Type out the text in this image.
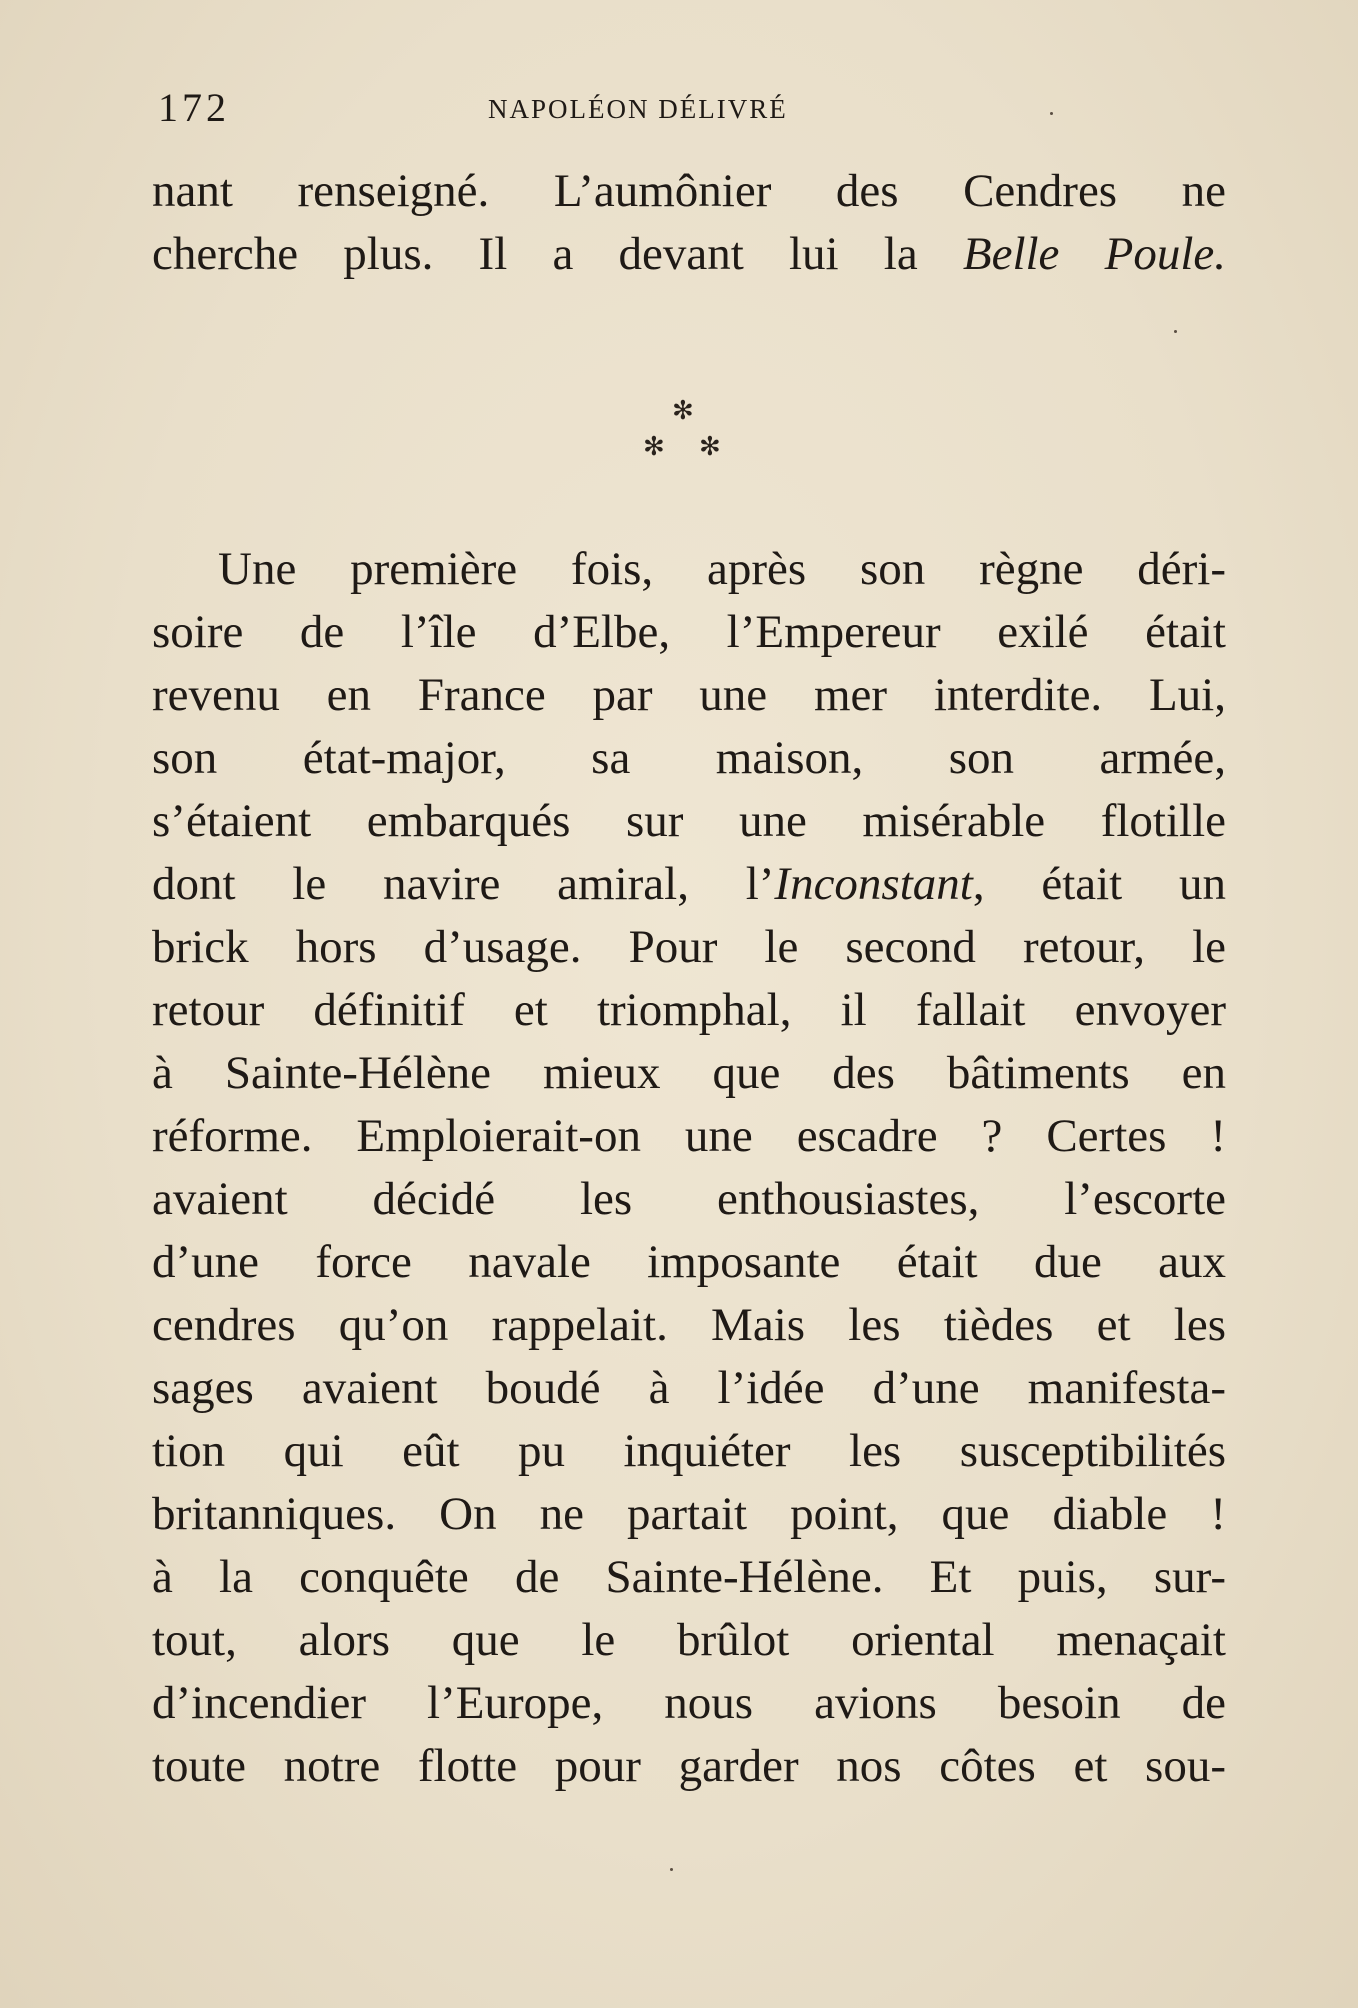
172	NAPOLÉON DÉLIVRÉ
nant renseigné. L’aumônier des Cendres ne
cherche plus. Il a devant lui la Belle Poule.
✻
✻ ✻
Une première fois, après son règne déri-
soire de l’île d’Elbe, l’Empereur exilé était
revenu en France par une mer interdite. Lui,
son état-major, sa maison, son armée,
s’étaient embarqués sur une misérable flotille
dont le navire amiral, l’Inconstant, était un
brick hors d’usage. Pour le second retour, le
retour définitif et triomphal, il fallait envoyer
à Sainte-Hélène mieux que des bâtiments en
réforme. Emploierait-on une escadre ? Certes !
avaient décidé les enthousiastes, l’escorte
d’une force navale imposante était due aux
cendres qu’on rappelait. Mais les tièdes et les
sages avaient boudé à l’idée d’une manifesta-
tion qui eût pu inquiéter les susceptibilités
britanniques. On ne partait point, que diable !
à la conquête de Sainte-Hélène. Et puis, sur-
tout, alors que le brûlot oriental menaçait
d’incendier l’Europe, nous avions besoin de
toute notre flotte pour garder nos côtes et sou-
